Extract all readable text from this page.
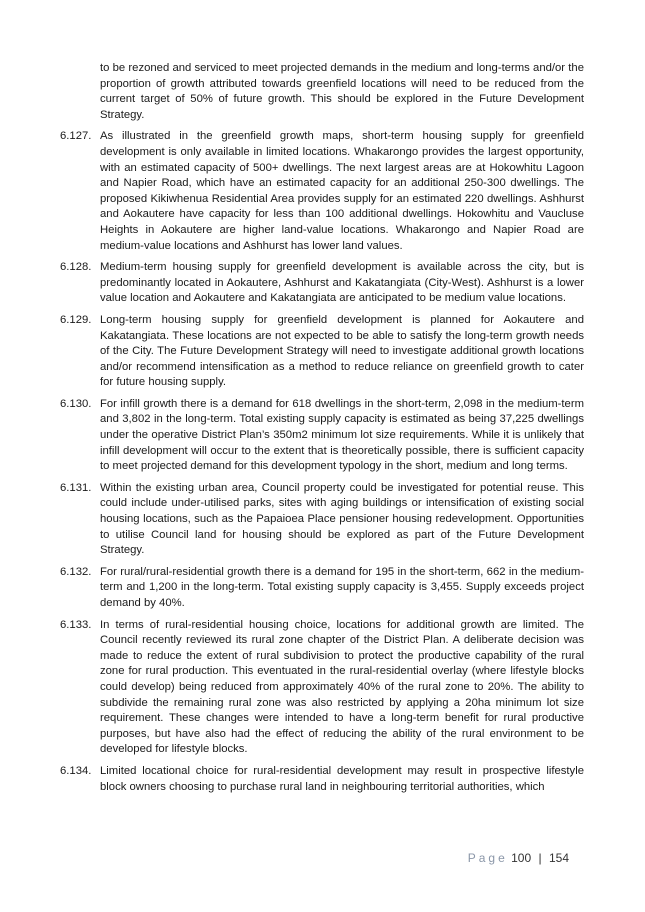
to be rezoned and serviced to meet projected demands in the medium and long-terms and/or the proportion of growth attributed towards greenfield locations will need to be reduced from the current target of 50% of future growth. This should be explored in the Future Development Strategy.
6.127. As illustrated in the greenfield growth maps, short-term housing supply for greenfield development is only available in limited locations. Whakarongo provides the largest opportunity, with an estimated capacity of 500+ dwellings. The next largest areas are at Hokowhitu Lagoon and Napier Road, which have an estimated capacity for an additional 250-300 dwellings. The proposed Kikiwhenua Residential Area provides supply for an estimated 220 dwellings. Ashhurst and Aokautere have capacity for less than 100 additional dwellings. Hokowhitu and Vaucluse Heights in Aokautere are higher land-value locations. Whakarongo and Napier Road are medium-value locations and Ashhurst has lower land values.
6.128. Medium-term housing supply for greenfield development is available across the city, but is predominantly located in Aokautere, Ashhurst and Kakatangiata (City-West). Ashhurst is a lower value location and Aokautere and Kakatangiata are anticipated to be medium value locations.
6.129. Long-term housing supply for greenfield development is planned for Aokautere and Kakatangiata. These locations are not expected to be able to satisfy the long-term growth needs of the City. The Future Development Strategy will need to investigate additional growth locations and/or recommend intensification as a method to reduce reliance on greenfield growth to cater for future housing supply.
6.130. For infill growth there is a demand for 618 dwellings in the short-term, 2,098 in the medium-term and 3,802 in the long-term. Total existing supply capacity is estimated as being 37,225 dwellings under the operative District Plan’s 350m2 minimum lot size requirements. While it is unlikely that infill development will occur to the extent that is theoretically possible, there is sufficient capacity to meet projected demand for this development typology in the short, medium and long terms.
6.131. Within the existing urban area, Council property could be investigated for potential reuse. This could include under-utilised parks, sites with aging buildings or intensification of existing social housing locations, such as the Papaioea Place pensioner housing redevelopment. Opportunities to utilise Council land for housing should be explored as part of the Future Development Strategy.
6.132. For rural/rural-residential growth there is a demand for 195 in the short-term, 662 in the medium-term and 1,200 in the long-term. Total existing supply capacity is 3,455. Supply exceeds project demand by 40%.
6.133. In terms of rural-residential housing choice, locations for additional growth are limited. The Council recently reviewed its rural zone chapter of the District Plan. A deliberate decision was made to reduce the extent of rural subdivision to protect the productive capability of the rural zone for rural production. This eventuated in the rural-residential overlay (where lifestyle blocks could develop) being reduced from approximately 40% of the rural zone to 20%. The ability to subdivide the remaining rural zone was also restricted by applying a 20ha minimum lot size requirement. These changes were intended to have a long-term benefit for rural productive purposes, but have also had the effect of reducing the ability of the rural environment to be developed for lifestyle blocks.
6.134. Limited locational choice for rural-residential development may result in prospective lifestyle block owners choosing to purchase rural land in neighbouring territorial authorities, which
Page 100 | 154
